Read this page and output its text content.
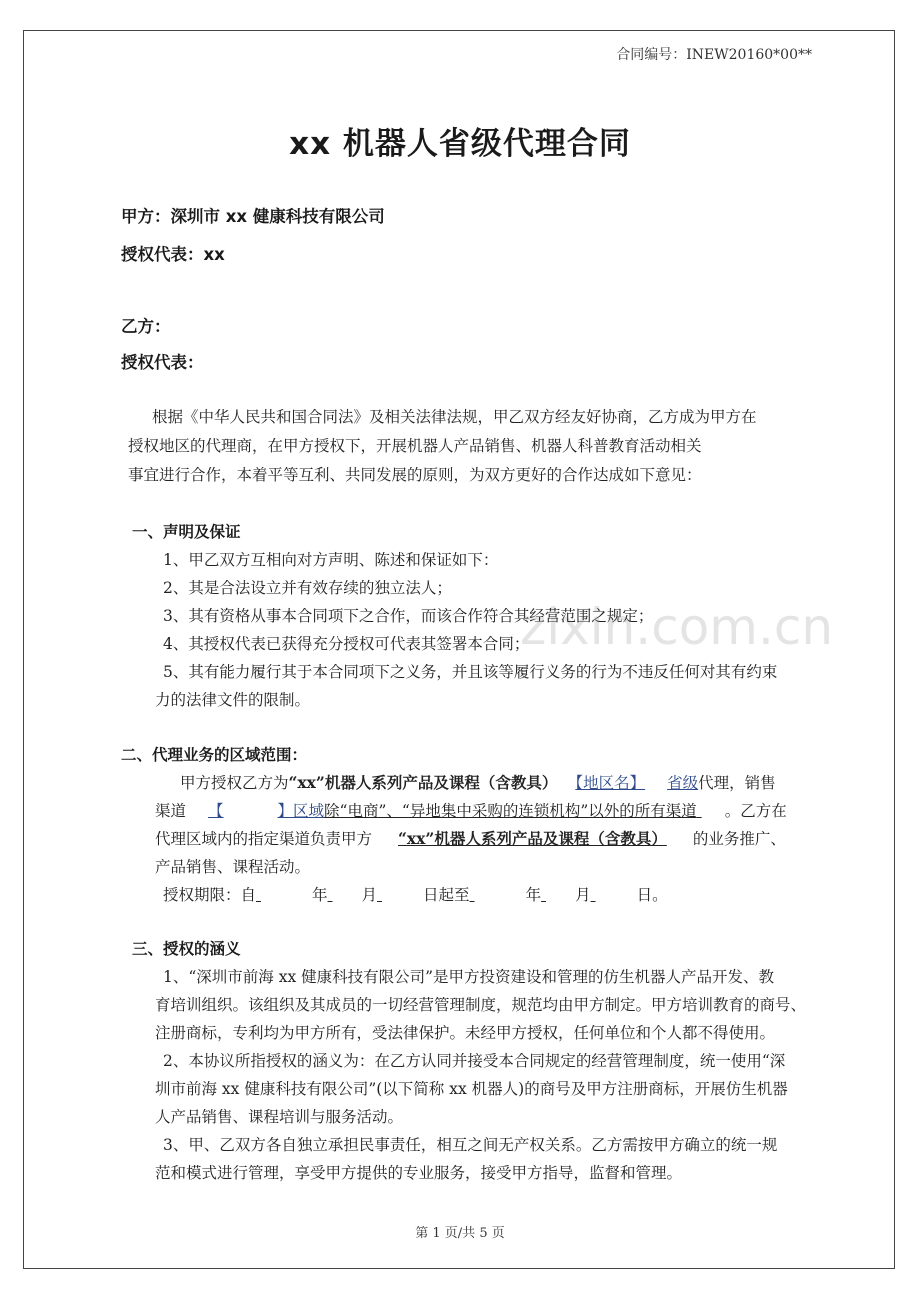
zixin.com.cn
合同编号：INEW20160*00**
xx 机器人省级代理合同
甲方：深圳市 xx 健康科技有限公司
授权代表：xx
乙方：
授权代表：
根据《中华人民共和国合同法》及相关法律法规，甲乙双方经友好协商，乙方成为甲方在
授权地区的代理商，在甲方授权下，开展机器人产品销售、机器人科普教育活动相关
事宜进行合作，本着平等互利、共同发展的原则，为双方更好的合作达成如下意见：
一、声明及保证
1、甲乙双方互相向对方声明、陈述和保证如下：
2、其是合法设立并有效存续的独立法人；
3、其有资格从事本合同项下之合作，而该合作符合其经营范围之规定；
4、其授权代表已获得充分授权可代表其签署本合同；
5、其有能力履行其于本合同项下之义务，并且该等履行义务的行为不违反任何对其有约束
力的法律文件的限制。
二、代理业务的区域范围：
甲方授权乙方为“xx”机器人系列产品及课程（含教具） 【地区名】 省级代理，销售
渠道 【	】区域除“电商”、“异地集中采购的连锁机构”以外的所有渠道 。乙方在
代理区域内的指定渠道负责甲方 “xx”机器人系列产品及课程（含教具） 的业务推广、
产品销售、课程活动。
授权期限：自	年 月	日起至	年 月	日。
三、授权的涵义
1、“深圳市前海 xx 健康科技有限公司”是甲方投资建设和管理的仿生机器人产品开发、教
育培训组织。该组织及其成员的一切经营管理制度，规范均由甲方制定。甲方培训教育的商号、
注册商标，专利均为甲方所有，受法律保护。未经甲方授权，任何单位和个人都不得使用。
2、本协议所指授权的涵义为：在乙方认同并接受本合同规定的经营管理制度，统一使用“深
圳市前海 xx 健康科技有限公司”(以下简称 xx 机器人)的商号及甲方注册商标，开展仿生机器
人产品销售、课程培训与服务活动。
3、甲、乙双方各自独立承担民事责任，相互之间无产权关系。乙方需按甲方确立的统一规
范和模式进行管理，享受甲方提供的专业服务，接受甲方指导，监督和管理。
第 1 页/共 5 页
